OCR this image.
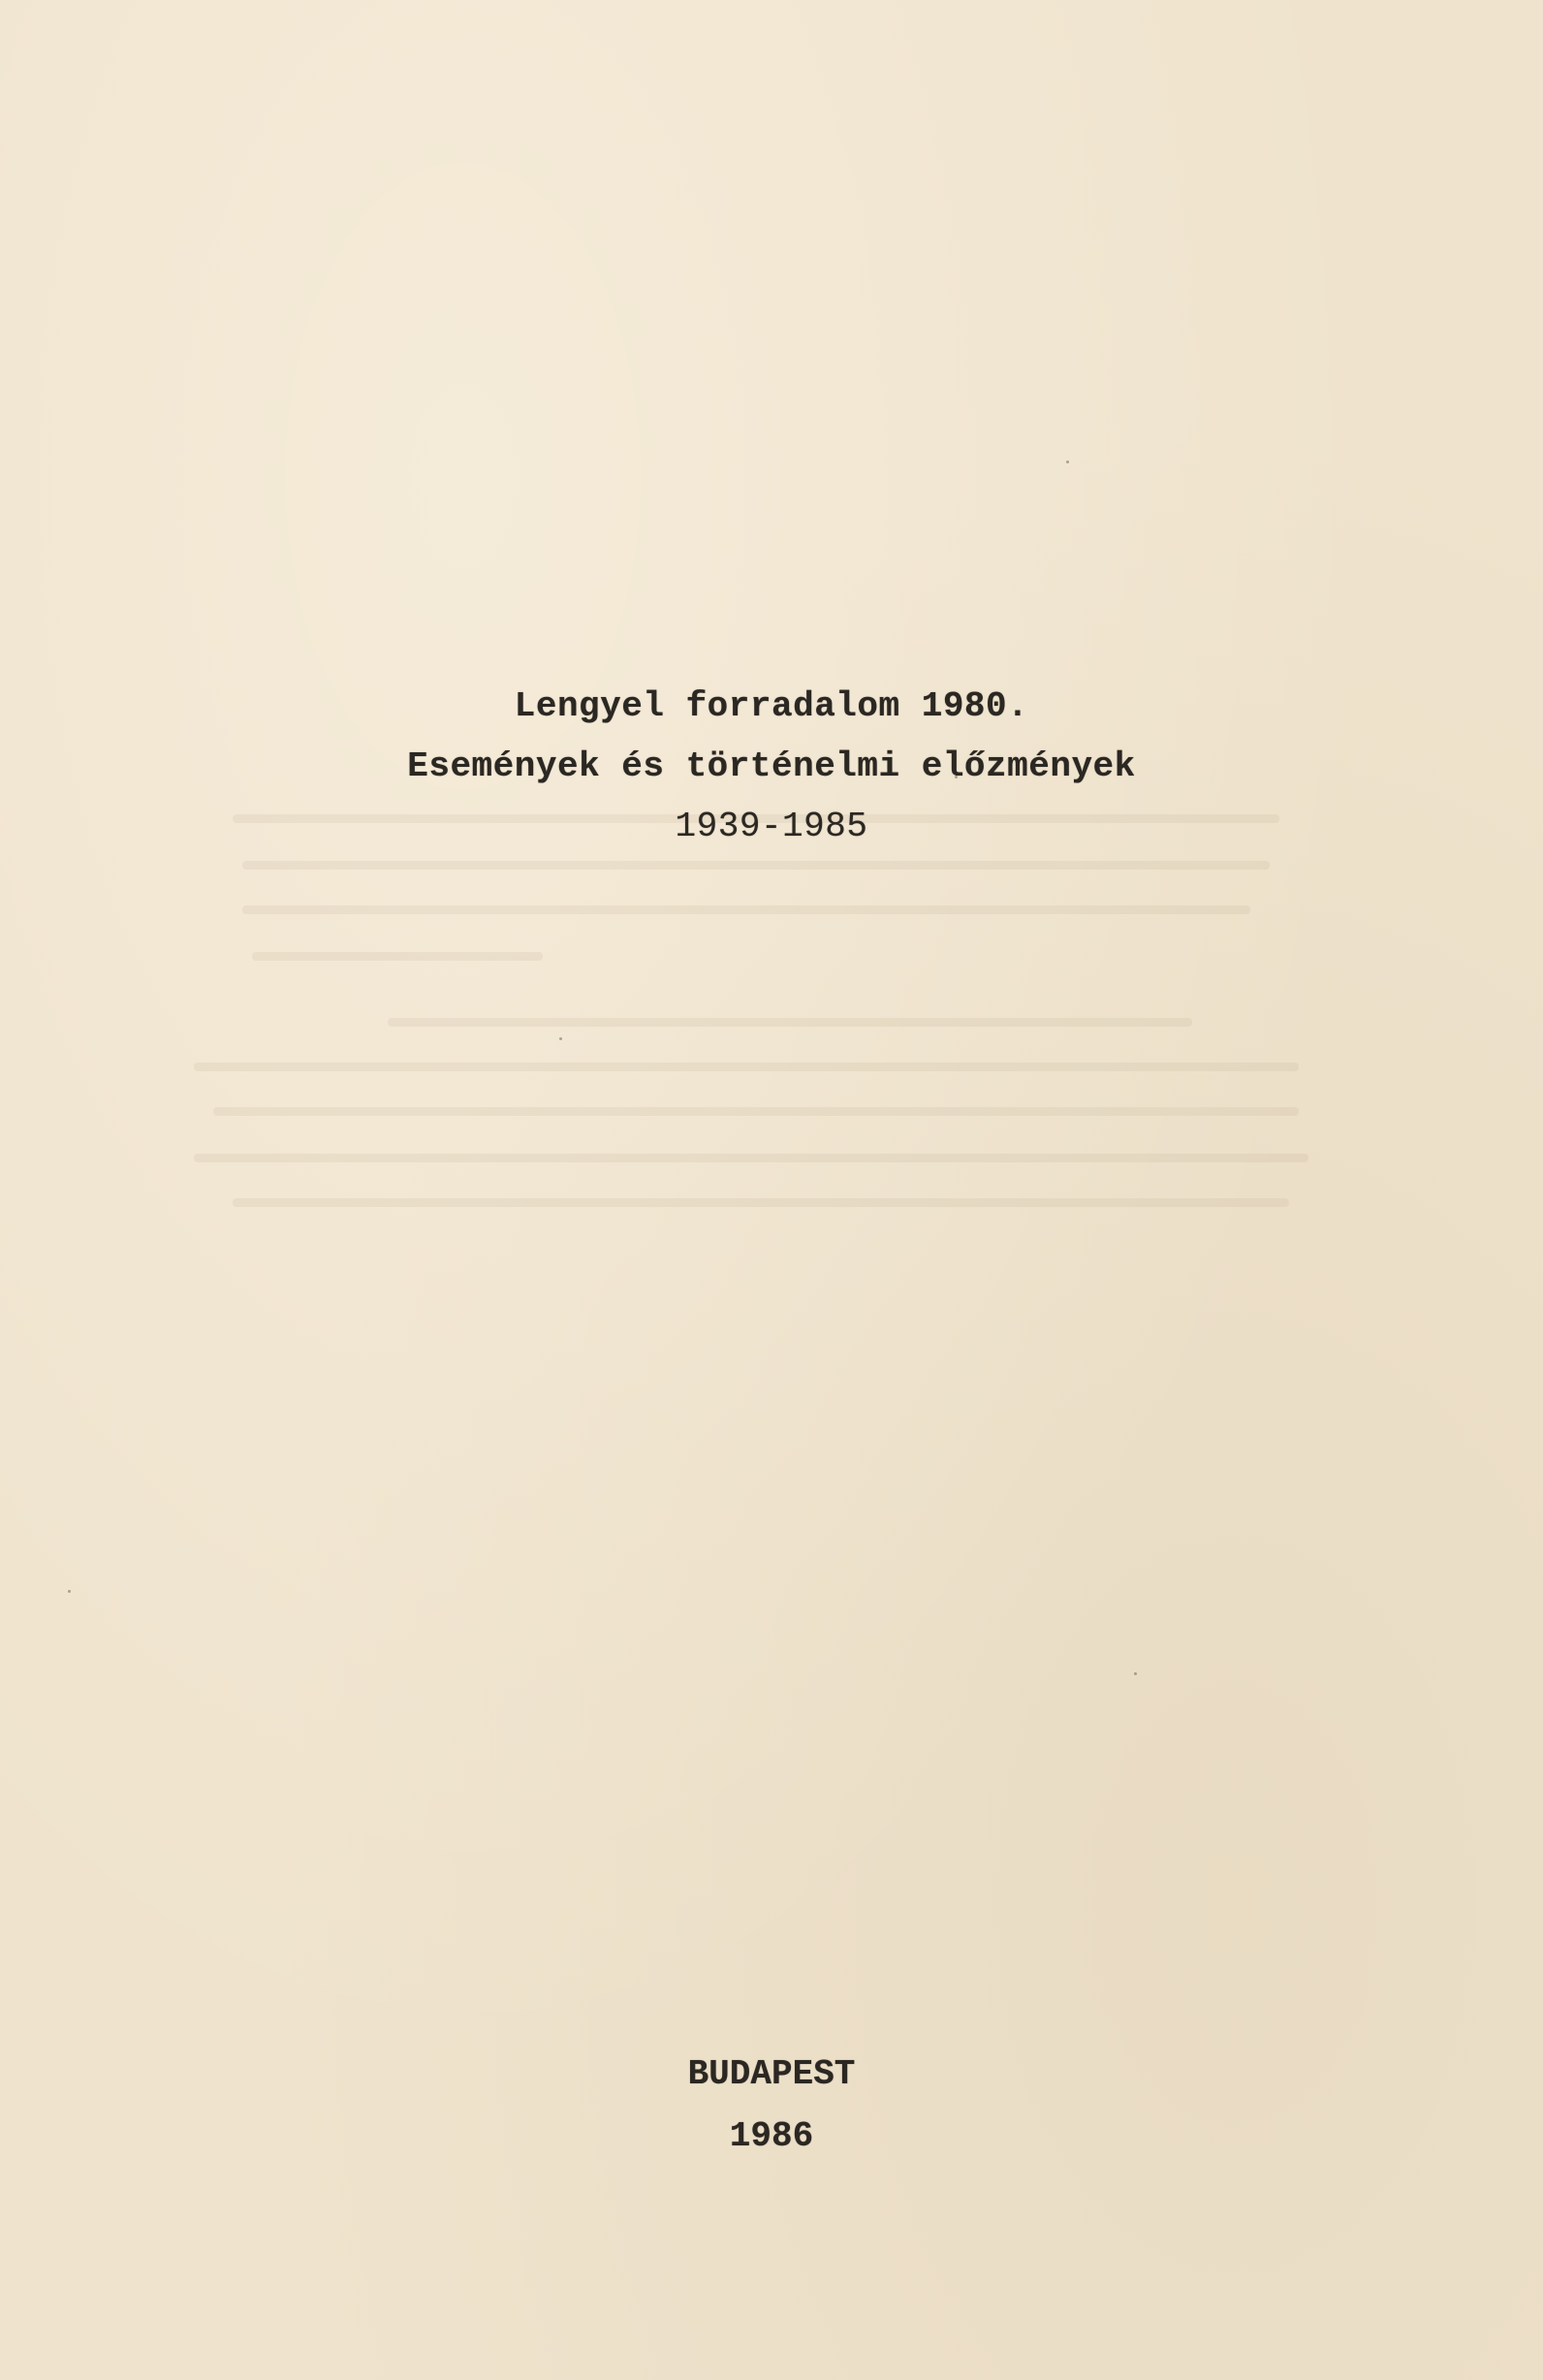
Lengyel forradalom 1980.
Események és történelmi előzmények
1939-1985
BUDAPEST
1986
